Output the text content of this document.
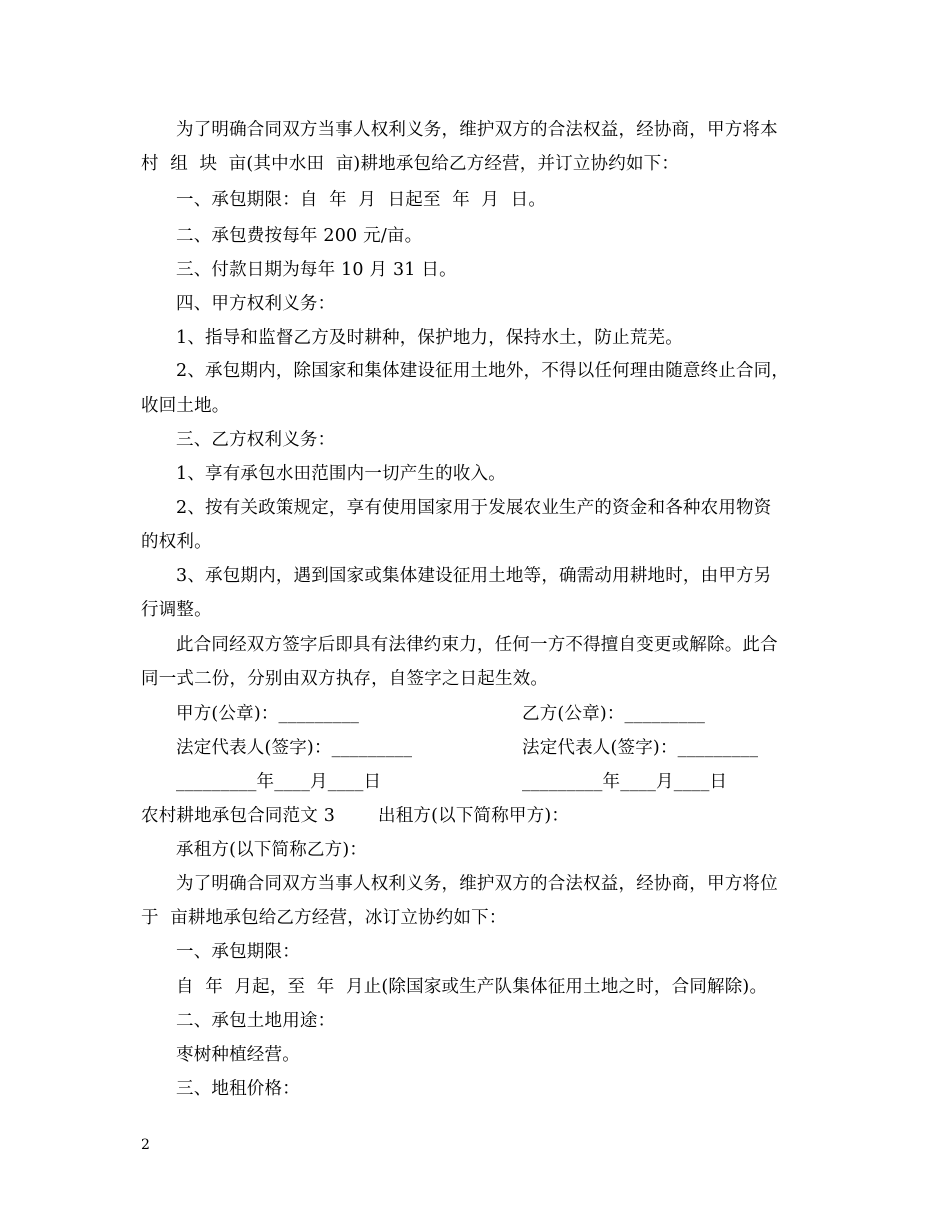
为了明确合同双方当事人权利义务，维护双方的合法权益，经协商，甲方将本
村  组  块  亩(其中水田  亩)耕地承包给乙方经营，并订立协约如下：
一、承包期限：自  年  月  日起至  年  月  日。
二、承包费按每年 200 元/亩。
三、付款日期为每年 10 月 31 日。
四、甲方权利义务：
1、指导和监督乙方及时耕种，保护地力，保持水土，防止荒芜。
2、承包期内，除国家和集体建设征用土地外，不得以任何理由随意终止合同，
收回土地。
三、乙方权利义务：
1、享有承包水田范围内一切产生的收入。
2、按有关政策规定，享有使用国家用于发展农业生产的资金和各种农用物资
的权利。
3、承包期内，遇到国家或集体建设征用土地等，确需动用耕地时，由甲方另
行调整。
此合同经双方签字后即具有法律约束力，任何一方不得擅自变更或解除。此合
同一式二份，分别由双方执存，自签字之日起生效。
甲方(公章)：_________	乙方(公章)：_________
法定代表人(签字)：_________	法定代表人(签字)：_________
_________年____月____日	_________年____月____日
农村耕地承包合同范文 3 出租方(以下简称甲方)：
承租方(以下简称乙方)：
为了明确合同双方当事人权利义务，维护双方的合法权益，经协商，甲方将位
于  亩耕地承包给乙方经营，冰订立协约如下：
一、承包期限：
自  年  月起，至  年  月止(除国家或生产队集体征用土地之时，合同解除)。
二、承包土地用途：
枣树种植经营。
三、地租价格：
2
